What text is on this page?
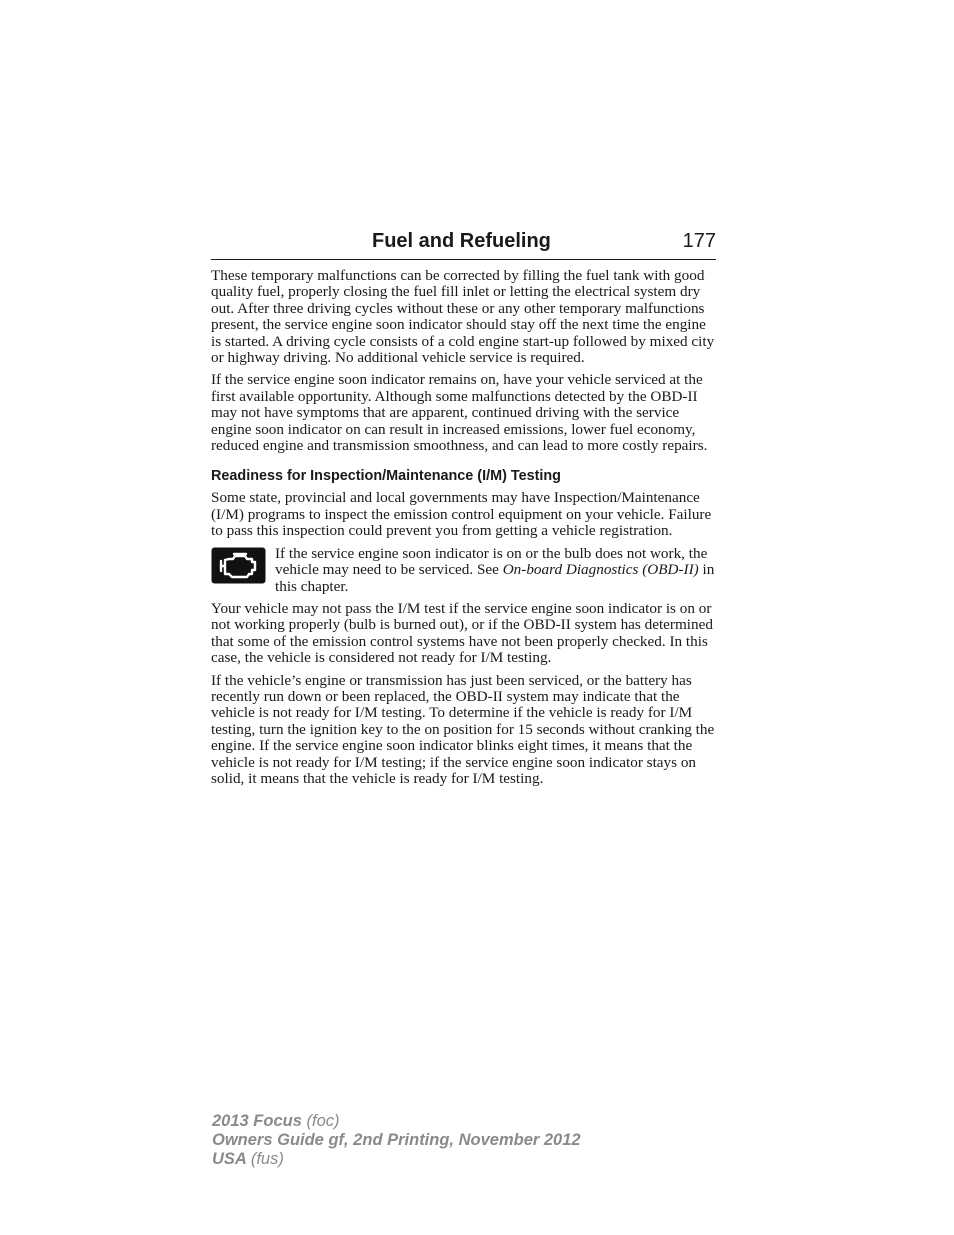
Fuel and Refueling	177

These temporary malfunctions can be corrected by filling the fuel tank with good quality fuel, properly closing the fuel fill inlet or letting the electrical system dry out. After three driving cycles without these or any other temporary malfunctions present, the service engine soon indicator should stay off the next time the engine is started. A driving cycle consists of a cold engine start-up followed by mixed city or highway driving. No additional vehicle service is required.

If the service engine soon indicator remains on, have your vehicle serviced at the first available opportunity. Although some malfunctions detected by the OBD-II may not have symptoms that are apparent, continued driving with the service engine soon indicator on can result in increased emissions, lower fuel economy, reduced engine and transmission smoothness, and can lead to more costly repairs.

Readiness for Inspection/Maintenance (I/M) Testing

Some state, provincial and local governments may have Inspection/Maintenance (I/M) programs to inspect the emission control equipment on your vehicle. Failure to pass this inspection could prevent you from getting a vehicle registration.

If the service engine soon indicator is on or the bulb does not work, the vehicle may need to be serviced. See On-board Diagnostics (OBD-II) in this chapter.

Your vehicle may not pass the I/M test if the service engine soon indicator is on or not working properly (bulb is burned out), or if the OBD-II system has determined that some of the emission control systems have not been properly checked. In this case, the vehicle is considered not ready for I/M testing.

If the vehicle’s engine or transmission has just been serviced, or the battery has recently run down or been replaced, the OBD-II system may indicate that the vehicle is not ready for I/M testing. To determine if the vehicle is ready for I/M testing, turn the ignition key to the on position for 15 seconds without cranking the engine. If the service engine soon indicator blinks eight times, it means that the vehicle is not ready for I/M testing; if the service engine soon indicator stays on solid, it means that the vehicle is ready for I/M testing.

2013 Focus (foc)
Owners Guide gf, 2nd Printing, November 2012
USA (fus)
